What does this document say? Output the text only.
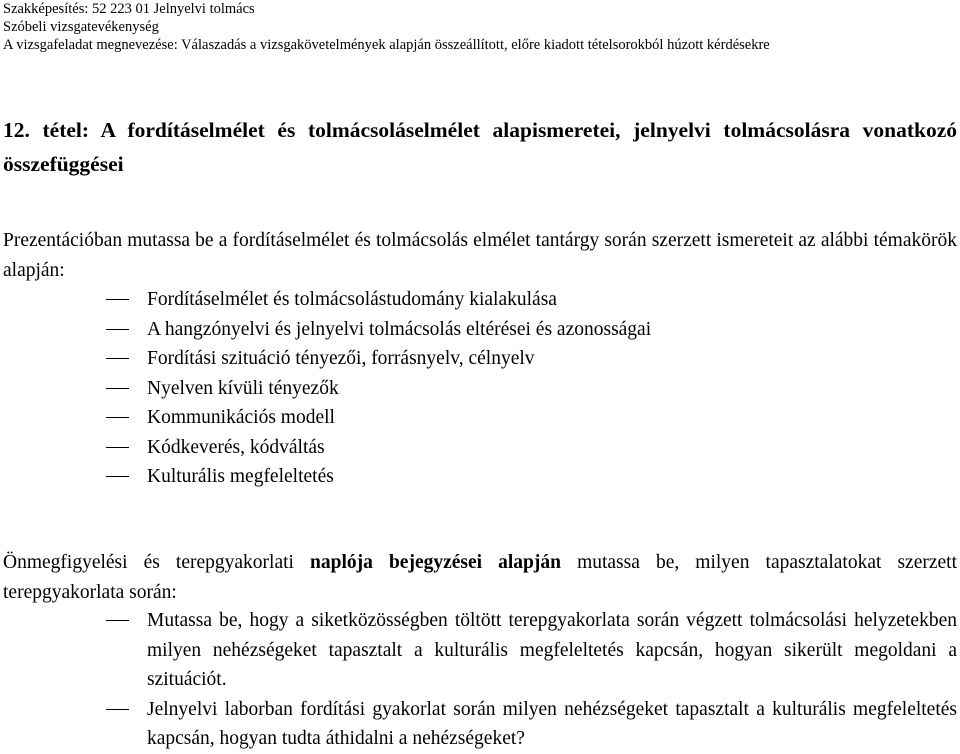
Szakképesítés: 52 223 01 Jelnyelvi tolmács
Szóbeli vizsgatevékenység
A vizsgafeladat megnevezése: Válaszadás a vizsgakövetelmények alapján összeállított, előre kiadott tételsorokból húzott kérdésekre
12. tétel: A fordításelmélet és tolmácsoláselmélet alapismeretei, jelnyelvi tolmácsolásra vonatkozó összefüggései

Prezentációban mutassa be a fordításelmélet és tolmácsolás elmélet tantárgy során szerzett ismereteit az alábbi témakörök alapján:

Fordításelmélet és tolmácsolástudomány kialakulása
A hangzónyelvi és jelnyelvi tolmácsolás eltérései és azonosságai
Fordítási szituáció tényezői, forrásnyelv, célnyelv
Nyelven kívüli tényezők
Kommunikációs modell
Kódkeverés, kódváltás
Kulturális megfeleltetés

Önmegfigyelési és terepgyakorlati naplója bejegyzései alapján mutassa be, milyen tapasztalatokat szerzett terepgyakorlata során:

Mutassa be, hogy a siketközösségben töltött terepgyakorlata során végzett tolmácsolási helyzetekben milyen nehézségeket tapasztalt a kulturális megfeleltetés kapcsán, hogyan sikerült megoldani a szituációt.
Jelnyelvi laborban fordítási gyakorlat során milyen nehézségeket tapasztalt a kulturális megfeleltetés kapcsán, hogyan tudta áthidalni a nehézségeket?
